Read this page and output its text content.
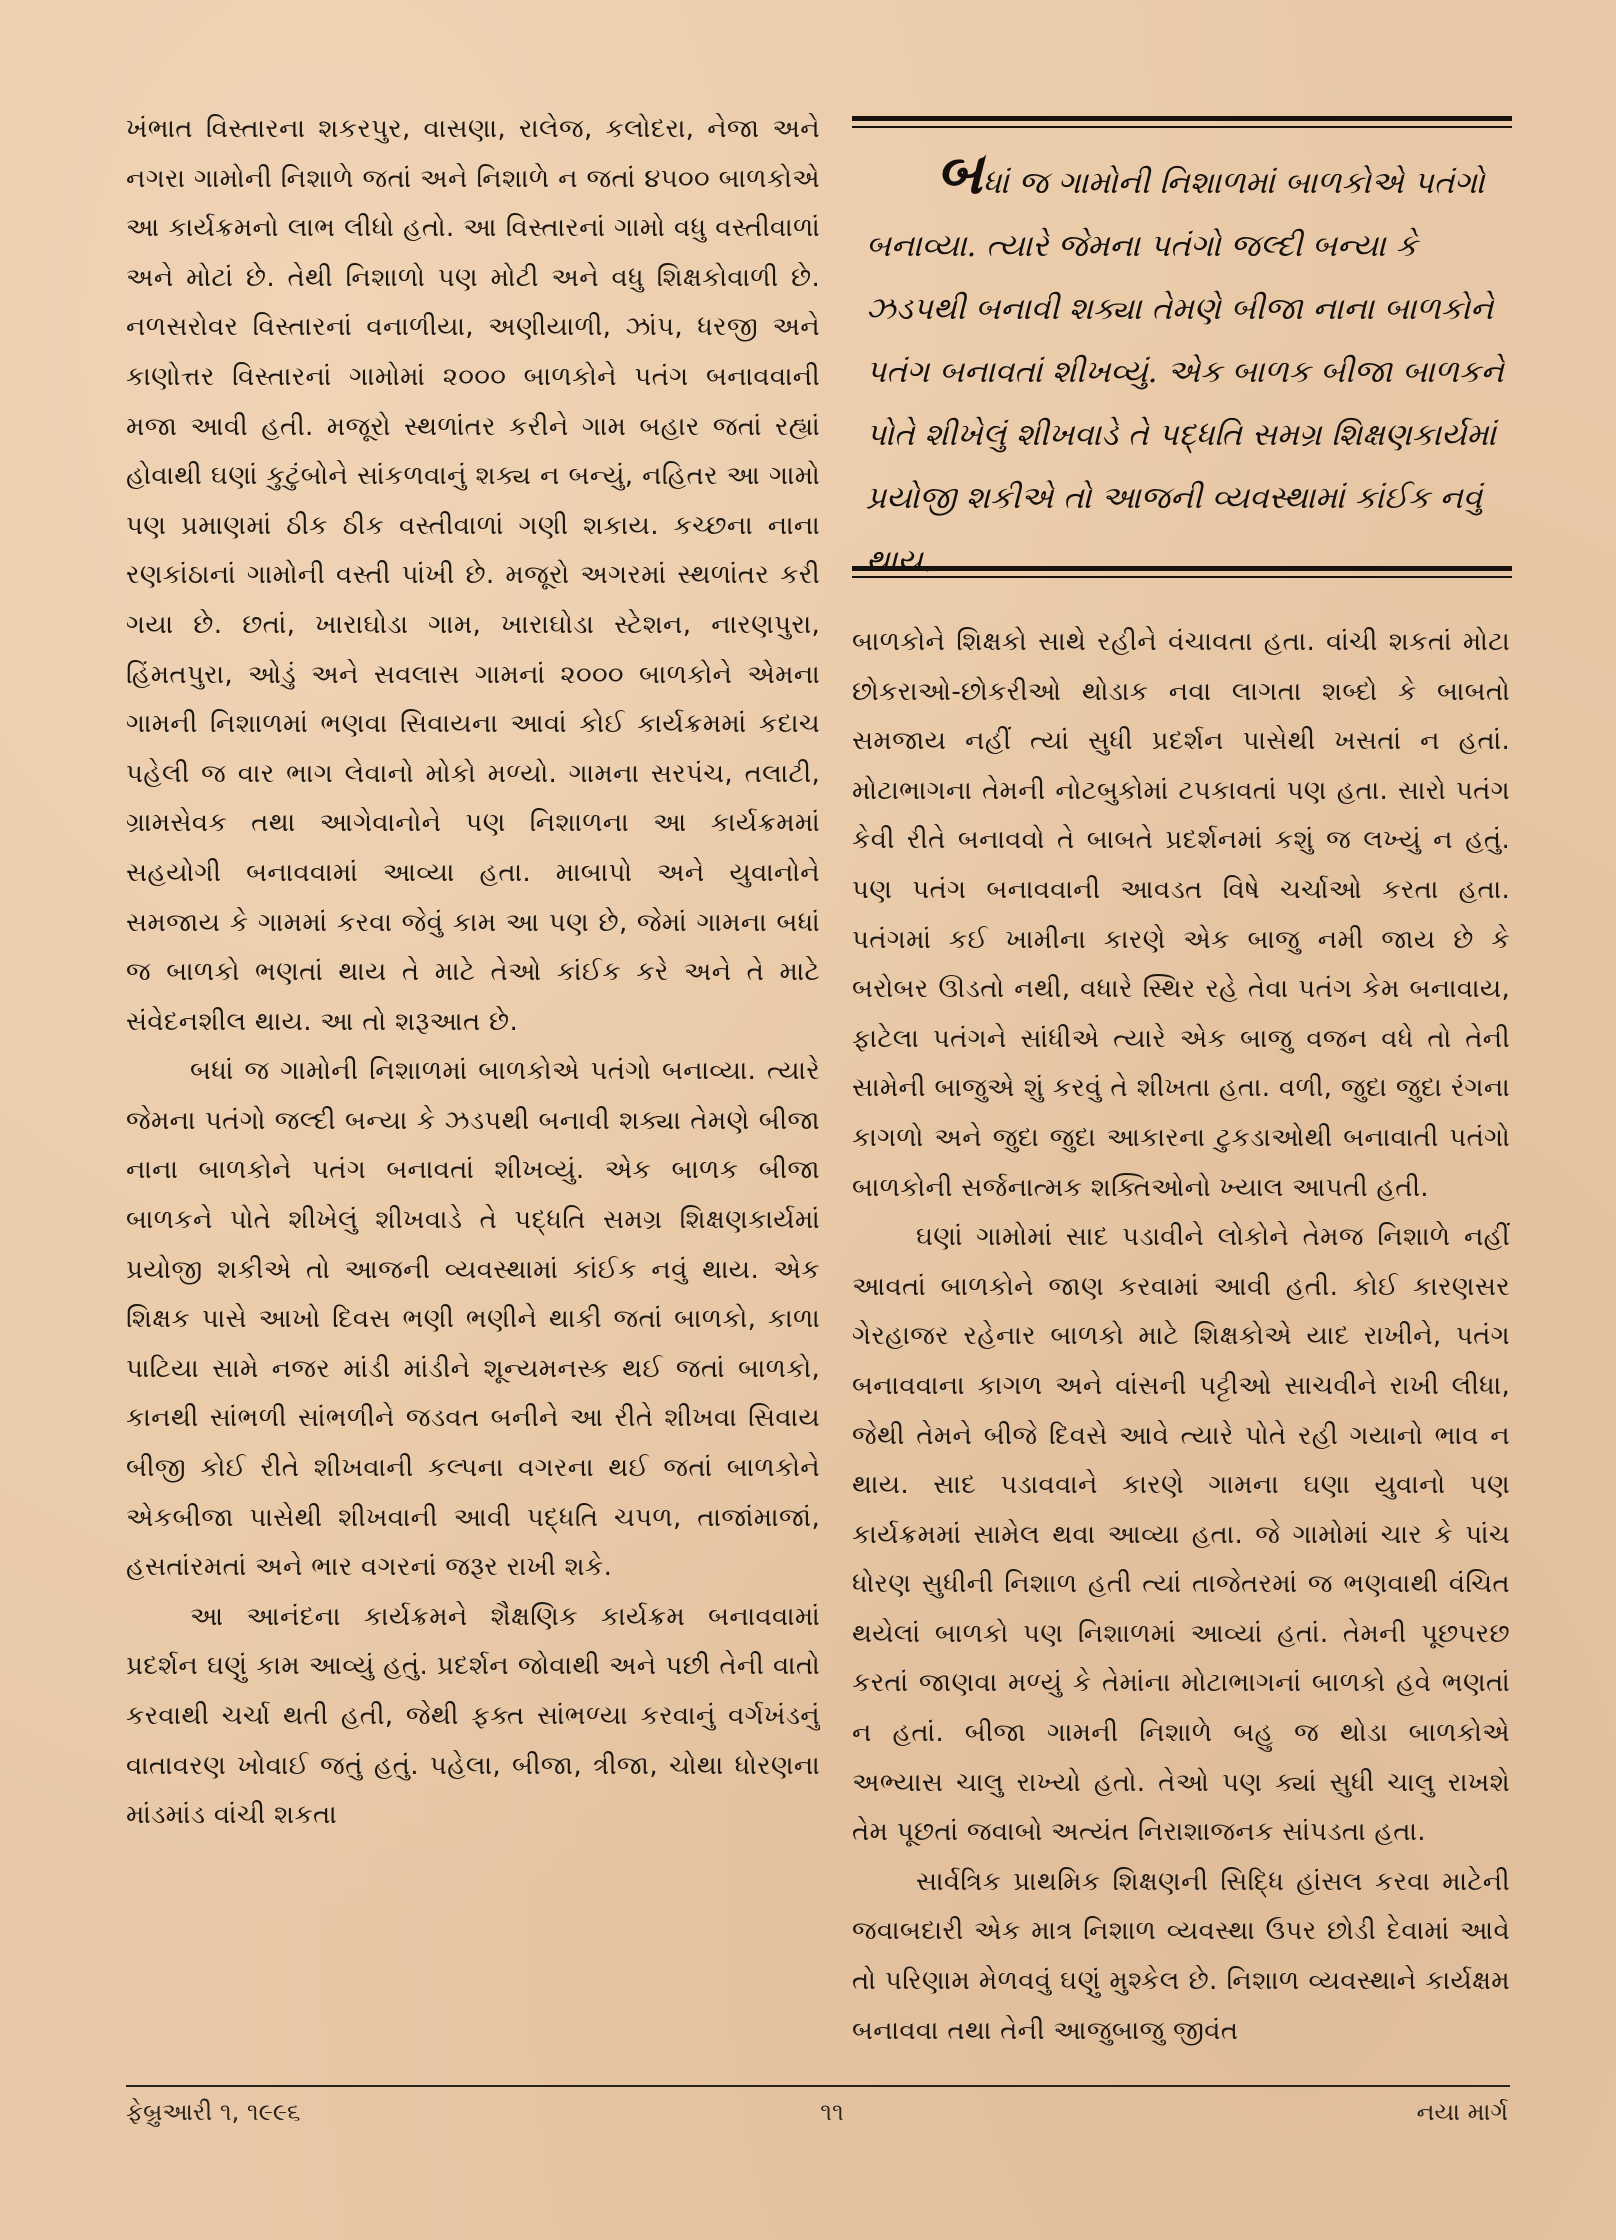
ખંભાત વિસ્તારના શકરપુર, વાસણા, રાલેજ, કલોદરા, નેજા અને નગરા ગામોની નિશાળે જતાં અને નિશાળે ન જતાં ૪૫૦૦ બાળકોએ આ કાર્યક્રમનો લાભ લીધો હતો. આ વિસ્તારનાં ગામો વધુ વસ્તીવાળાં અને મોટાં છે. તેથી નિશાળો પણ મોટી અને વધુ શિક્ષકોવાળી છે. નળસરોવર વિસ્તારનાં વનાળીયા, અણીયાળી, ઝાંપ, ધરજી અને કાણોત્તર વિસ્તારનાં ગામોમાં ૨૦૦૦ બાળકોને પતંગ બનાવવાની મજા આવી હતી. મજૂરો સ્થળાંતર કરીને ગામ બહાર જતાં રહ્યાં હોવાથી ઘણાં કુટુંબોને સાંકળવાનું શક્ય ન બન્યું, નહિતર આ ગામો પણ પ્રમાણમાં ઠીક ઠીક વસ્તીવાળાં ગણી શકાય. કચ્છના નાના રણકાંઠાનાં ગામોની વસ્તી પાંખી છે. મજૂરો અગરમાં સ્થળાંતર કરી ગયા છે. છતાં, ખારાઘોડા ગામ, ખારાઘોડા સ્ટેશન, નારણપુરા, હિંમતપુરા, ઓડું અને સવલાસ ગામનાં ૨૦૦૦ બાળકોને એમના ગામની નિશાળમાં ભણવા સિવાયના આવાં કોઈ કાર્યક્રમમાં કદાચ પહેલી જ વાર ભાગ લેવાનો મોકો મળ્યો. ગામના સરપંચ, તલાટી, ગ્રામસેવક તથા આગેવાનોને પણ નિશાળના આ કાર્યક્રમમાં સહયોગી બનાવવામાં આવ્યા હતા. માબાપો અને યુવાનોને સમજાય કે ગામમાં કરવા જેવું કામ આ પણ છે, જેમાં ગામના બધાં જ બાળકો ભણતાં થાય તે માટે તેઓ કાંઈક કરે અને તે માટે સંવેદનશીલ થાય. આ તો શરૂઆત છે.

બધાં જ ગામોની નિશાળમાં બાળકોએ પતંગો બનાવ્યા. ત્યારે જેમના પતંગો જલ્દી બન્યા કે ઝડપથી બનાવી શક્યા તેમણે બીજા નાના બાળકોને પતંગ બનાવતાં શીખવ્યું. એક બાળક બીજા બાળકને પોતે શીખેલું શીખવાડે તે પદ્ધતિ સમગ્ર શિક્ષણકાર્યમાં પ્રયોજી શકીએ તો આજની વ્યવસ્થામાં કાંઈક નવું થાય. એક શિક્ષક પાસે આખો દિવસ ભણી ભણીને થાકી જતાં બાળકો, કાળા પાટિયા સામે નજર માંડી માંડીને શૂન્યમનસ્ક થઈ જતાં બાળકો, કાનથી સાંભળી સાંભળીને જડવત બનીને આ રીતે શીખવા સિવાય બીજી કોઈ રીતે શીખવાની કલ્પના વગરના થઈ જતાં બાળકોને એકબીજા પાસેથી શીખવાની આવી પદ્ધતિ ચપળ, તાજાંમાજાં, હસતાંરમતાં અને ભાર વગરનાં જરૂર રાખી શકે.

આ આનંદના કાર્યક્રમને શૈક્ષણિક કાર્યક્રમ બનાવવામાં પ્રદર્શન ઘણું કામ આવ્યું હતું. પ્રદર્શન જોવાથી અને પછી તેની વાતો કરવાથી ચર્ચા થતી હતી, જેથી ફક્ત સાંભળ્યા કરવાનું વર્ગખંડનું વાતાવરણ ખોવાઈ જતું હતું. પહેલા, બીજા, ત્રીજા, ચોથા ધોરણના માંડમાંડ વાંચી શકતા

બધાં જ ગામોની નિશાળમાં બાળકોએ પતંગો બનાવ્યા. ત્યારે જેમના પતંગો જલ્દી બન્યા કે ઝડપથી બનાવી શક્યા તેમણે બીજા નાના બાળકોને પતંગ બનાવતાં શીખવ્યું. એક બાળક બીજા બાળકને પોતે શીખેલું શીખવાડે તે પદ્ધતિ સમગ્ર શિક્ષણકાર્યમાં પ્રયોજી શકીએ તો આજની વ્યવસ્થામાં કાંઈક નવું થાય.

બાળકોને શિક્ષકો સાથે રહીને વંચાવતા હતા. વાંચી શકતાં મોટા છોકરાઓ-છોકરીઓ થોડાક નવા લાગતા શબ્દો કે બાબતો સમજાય નહીં ત્યાં સુધી પ્રદર્શન પાસેથી ખસતાં ન હતાં. મોટાભાગના તેમની નોટબુકોમાં ટપકાવતાં પણ હતા. સારો પતંગ કેવી રીતે બનાવવો તે બાબતે પ્રદર્શનમાં કશું જ લખ્યું ન હતું. પણ પતંગ બનાવવાની આવડત વિષે ચર્ચાઓ કરતા હતા. પતંગમાં કઈ ખામીના કારણે એક બાજુ નમી જાય છે કે બરોબર ઊડતો નથી, વધારે સ્થિર રહે તેવા પતંગ કેમ બનાવાય, ફાટેલા પતંગને સાંધીએ ત્યારે એક બાજુ વજન વધે તો તેની સામેની બાજુએ શું કરવું તે શીખતા હતા. વળી, જુદા જુદા રંગના કાગળો અને જુદા જુદા આકારના ટુકડાઓથી બનાવાતી પતંગો બાળકોની સર્જનાત્મક શક્તિઓનો ખ્યાલ આપતી હતી.

ઘણાં ગામોમાં સાદ પડાવીને લોકોને તેમજ નિશાળે નહીં આવતાં બાળકોને જાણ કરવામાં આવી હતી. કોઈ કારણસર ગેરહાજર રહેનાર બાળકો માટે શિક્ષકોએ યાદ રાખીને, પતંગ બનાવવાના કાગળ અને વાંસની પટ્ટીઓ સાચવીને રાખી લીધા, જેથી તેમને બીજે દિવસે આવે ત્યારે પોતે રહી ગયાનો ભાવ ન થાય. સાદ પડાવવાને કારણે ગામના ઘણા યુવાનો પણ કાર્યક્રમમાં સામેલ થવા આવ્યા હતા. જે ગામોમાં ચાર કે પાંચ ધોરણ સુધીની નિશાળ હતી ત્યાં તાજેતરમાં જ ભણવાથી વંચિત થયેલાં બાળકો પણ નિશાળમાં આવ્યાં હતાં. તેમની પૂછપરછ કરતાં જાણવા મળ્યું કે તેમાંના મોટાભાગનાં બાળકો હવે ભણતાં ન હતાં. બીજા ગામની નિશાળે બહુ જ થોડા બાળકોએ અભ્યાસ ચાલુ રાખ્યો હતો. તેઓ પણ ક્યાં સુધી ચાલુ રાખશે તેમ પૂછતાં જવાબો અત્યંત નિરાશાજનક સાંપડતા હતા.

સાર્વત્રિક પ્રાથમિક શિક્ષણની સિદ્ધિ હાંસલ કરવા માટેની જવાબદારી એક માત્ર નિશાળ વ્યવસ્થા ઉપર છોડી દેવામાં આવે તો પરિણામ મેળવવું ઘણું મુશ્કેલ છે. નિશાળ વ્યવસ્થાને કાર્યક્ષમ બનાવવા તથા તેની આજુબાજુ જીવંત

ફેબ્રુઆરી ૧, ૧૯૯૬	૧૧	નયા માર્ગ
